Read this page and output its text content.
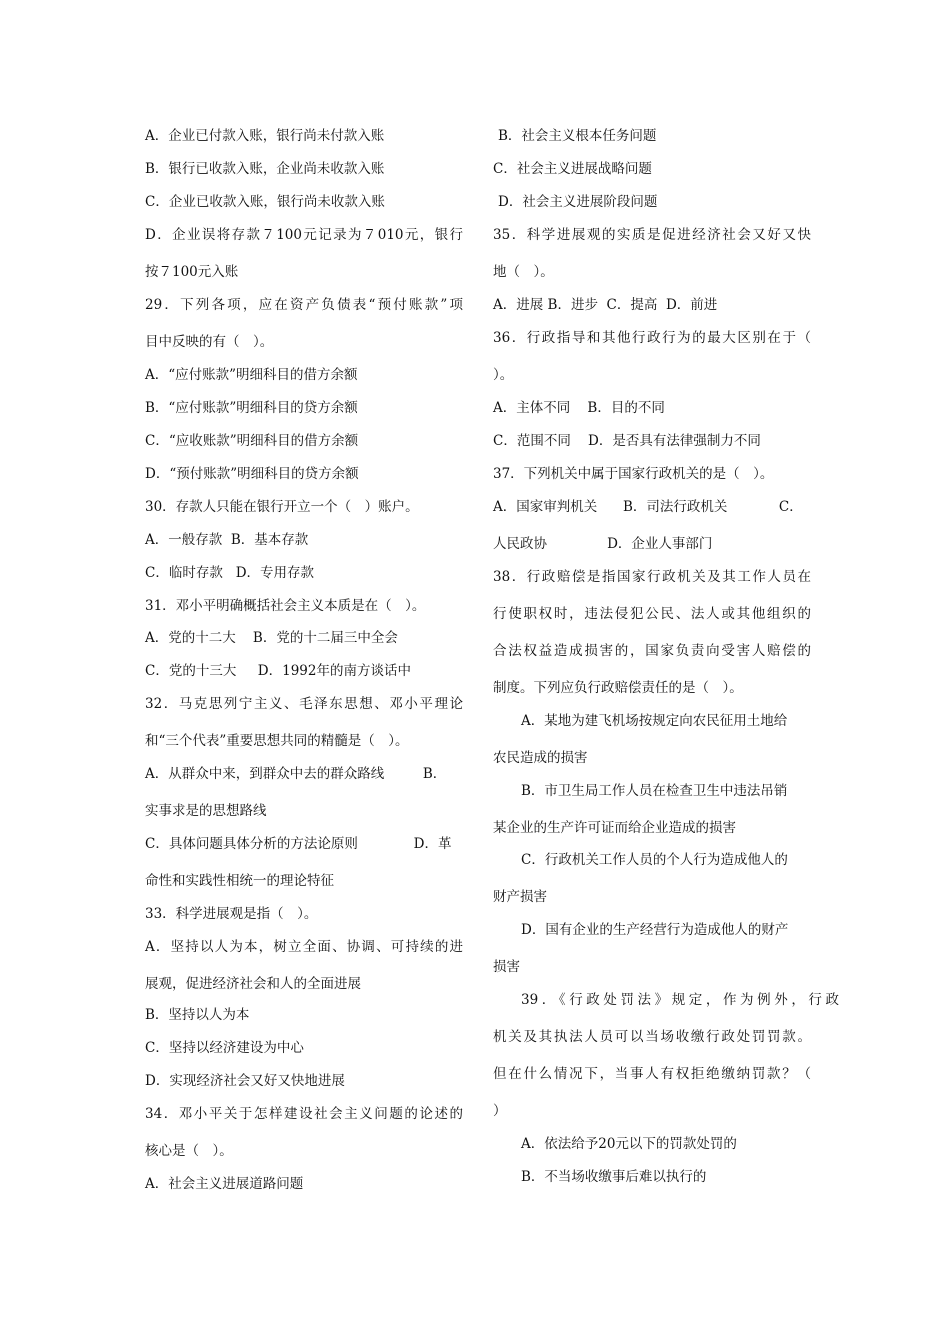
A．企业已付款入账，银行尚未付款入账
B．银行已收款入账，企业尚未收款入账
C．企业已收款入账，银行尚未收款入账
D．企业误将存款７100元记录为７010元，银行
按７100元入账
29．下列各项，应在资产负债表“预付账款”项
目中反映的有（　）。
A．“应付账款”明细科目的借方余额
B．“应付账款”明细科目的贷方余额
C．“应收账款”明细科目的借方余额
D．“预付账款”明细科目的贷方余额
30．存款人只能在银行开立一个（　）账户。
A．一般存款  B．基本存款
C．临时存款   D．专用存款
31．邓小平明确概括社会主义本质是在（　）。
A．党的十二大    B．党的十二届三中全会
C．党的十三大     D．1992年的南方谈话中
32．马克思列宁主义、毛泽东思想、邓小平理论
和“三个代表”重要思想共同的精髓是（　）。
A．从群众中来，到群众中去的群众路线         B．
实事求是的思想路线
C．具体问题具体分析的方法论原则             D．革
命性和实践性相统一的理论特征
33．科学进展观是指（　）。
A．坚持以人为本，树立全面、协调、可持续的进
展观，促进经济社会和人的全面进展
B．坚持以人为本
C．坚持以经济建设为中心
D．实现经济社会又好又快地进展
34．邓小平关于怎样建设社会主义问题的论述的
核心是（　）。
A．社会主义进展道路问题
B．社会主义根本任务问题
C．社会主义进展战略问题
D．社会主义进展阶段问题
35．科学进展观的实质是促进经济社会又好又快
地（　）。
A．进展 B．进步  C．提高  D．前进
36．行政指导和其他行政行为的最大区别在于（
）。
A．主体不同    B．目的不同
C．范围不同    D．是否具有法律强制力不同
37．下列机关中属于国家行政机关的是（　）。
A．国家审判机关      B．司法行政机关            C．
人民政协              D．企业人事部门
38．行政赔偿是指国家行政机关及其工作人员在
行使职权时，违法侵犯公民、法人或其他组织的
合法权益造成损害的，国家负责向受害人赔偿的
制度。下列应负行政赔偿责任的是（　）。
A．某地为建飞机场按规定向农民征用土地给
农民造成的损害
B．市卫生局工作人员在检查卫生中违法吊销
某企业的生产许可证而给企业造成的损害
C．行政机关工作人员的个人行为造成他人的
财产损害
D．国有企业的生产经营行为造成他人的财产
损害
39．《行政处罚法》规定，作为例外，行政
机关及其执法人员可以当场收缴行政处罚罚款。
但在什么情况下，当事人有权拒绝缴纳罚款？（
）
A．依法给予20元以下的罚款处罚的
B．不当场收缴事后难以执行的
